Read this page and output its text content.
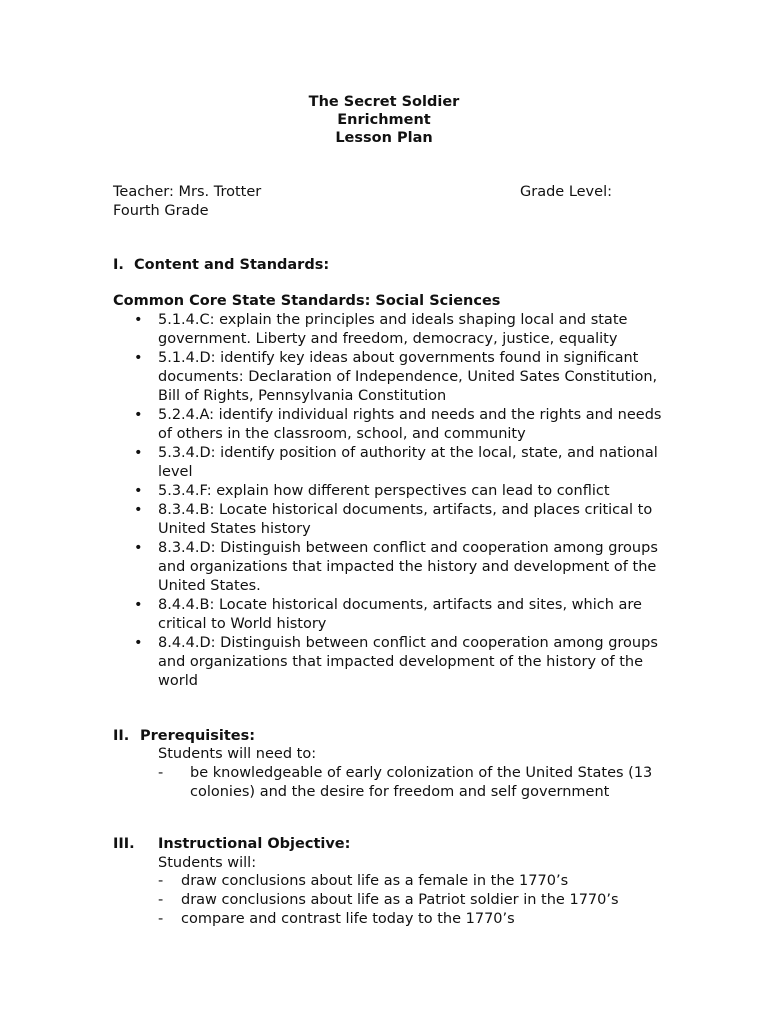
The Secret Soldier
Enrichment
Lesson Plan
Teacher: Mrs. Trotter	Grade Level:
Fourth Grade
I. Content and Standards:
Common Core State Standards: Social Sciences
• 5.1.4.C: explain the principles and ideals shaping local and state government. Liberty and freedom, democracy, justice, equality
• 5.1.4.D: identify key ideas about governments found in significant documents: Declaration of Independence, United Sates Constitution, Bill of Rights, Pennsylvania Constitution
• 5.2.4.A: identify individual rights and needs and the rights and needs of others in the classroom, school, and community
• 5.3.4.D: identify position of authority at the local, state, and national level
• 5.3.4.F: explain how different perspectives can lead to conflict
• 8.3.4.B: Locate historical documents, artifacts, and places critical to United States history
• 8.3.4.D: Distinguish between conflict and cooperation among groups and organizations that impacted the history and development of the United States.
• 8.4.4.B: Locate historical documents, artifacts and sites, which are critical to World history
• 8.4.4.D: Distinguish between conflict and cooperation among groups and organizations that impacted development of the history of the world
II. Prerequisites:
Students will need to:
- be knowledgeable of early colonization of the United States (13 colonies) and the desire for freedom and self government
III. Instructional Objective:
Students will:
- draw conclusions about life as a female in the 1770’s
- draw conclusions about life as a Patriot soldier in the 1770’s
- compare and contrast life today to the 1770’s
